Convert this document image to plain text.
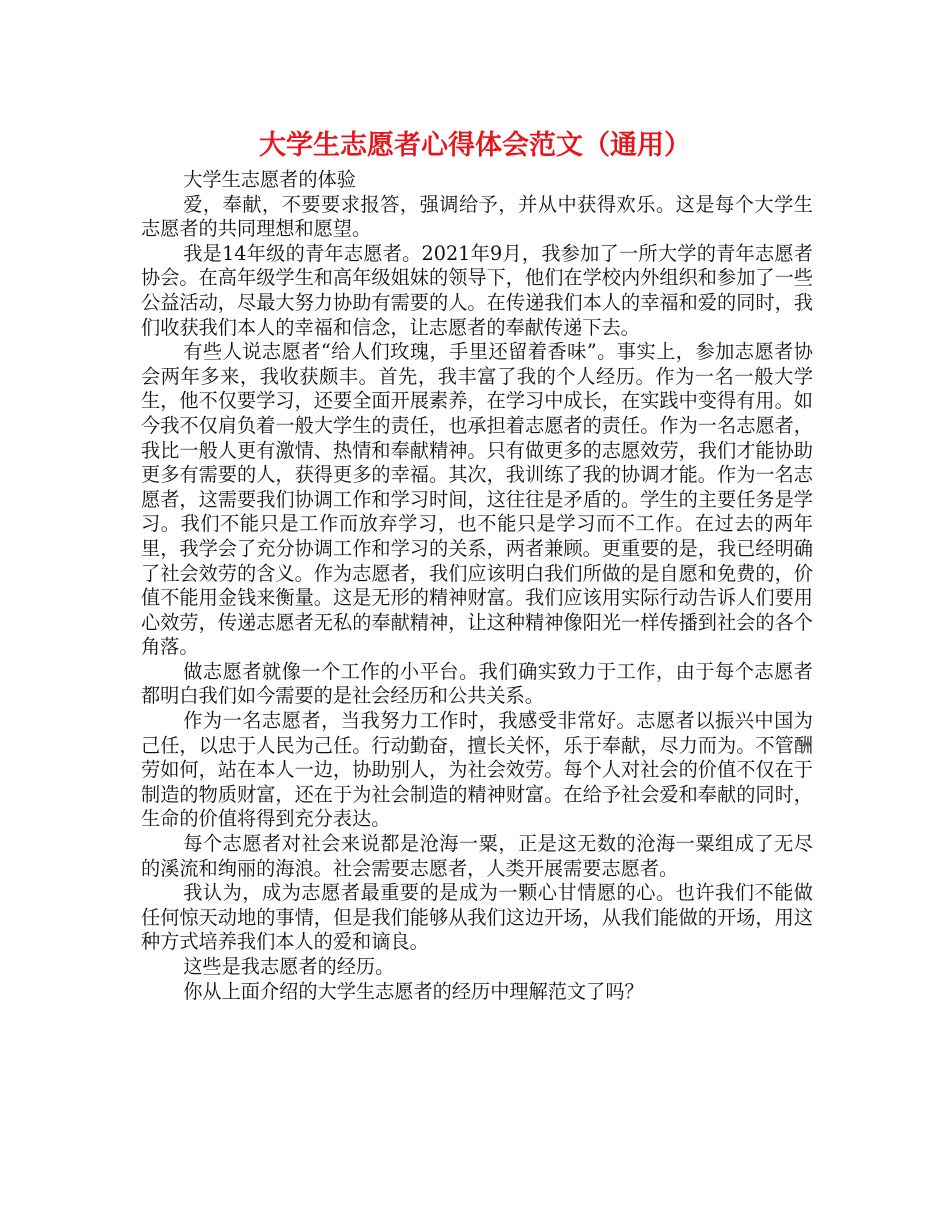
大学生志愿者心得体会范文（通用）

大学生志愿者的体验

爱，奉献，不要要求报答，强调给予，并从中获得欢乐。这是每个大学生志愿者的共同理想和愿望。

我是14年级的青年志愿者。2021年9月，我参加了一所大学的青年志愿者协会。在高年级学生和高年级姐妹的领导下，他们在学校内外组织和参加了一些公益活动，尽最大努力协助有需要的人。在传递我们本人的幸福和爱的同时，我们收获我们本人的幸福和信念，让志愿者的奉献传递下去。

有些人说志愿者“给人们玫瑰，手里还留着香味”。事实上，参加志愿者协会两年多来，我收获颇丰。首先，我丰富了我的个人经历。作为一名一般大学生，他不仅要学习，还要全面开展素养，在学习中成长，在实践中变得有用。如今我不仅肩负着一般大学生的责任，也承担着志愿者的责任。作为一名志愿者，我比一般人更有激情、热情和奉献精神。只有做更多的志愿效劳，我们才能协助更多有需要的人，获得更多的幸福。其次，我训练了我的协调才能。作为一名志愿者，这需要我们协调工作和学习时间，这往往是矛盾的。学生的主要任务是学习。我们不能只是工作而放弃学习，也不能只是学习而不工作。在过去的两年里，我学会了充分协调工作和学习的关系，两者兼顾。更重要的是，我已经明确了社会效劳的含义。作为志愿者，我们应该明白我们所做的是自愿和免费的，价值不能用金钱来衡量。这是无形的精神财富。我们应该用实际行动告诉人们要用心效劳，传递志愿者无私的奉献精神，让这种精神像阳光一样传播到社会的各个角落。

做志愿者就像一个工作的小平台。我们确实致力于工作，由于每个志愿者都明白我们如今需要的是社会经历和公共关系。

作为一名志愿者，当我努力工作时，我感受非常好。志愿者以振兴中国为己任，以忠于人民为己任。行动勤奋，擅长关怀，乐于奉献，尽力而为。不管酬劳如何，站在本人一边，协助别人，为社会效劳。每个人对社会的价值不仅在于制造的物质财富，还在于为社会制造的精神财富。在给予社会爱和奉献的同时，生命的价值将得到充分表达。

每个志愿者对社会来说都是沧海一粟，正是这无数的沧海一粟组成了无尽的溪流和绚丽的海浪。社会需要志愿者，人类开展需要志愿者。

我认为，成为志愿者最重要的是成为一颗心甘情愿的心。也许我们不能做任何惊天动地的事情，但是我们能够从我们这边开场，从我们能做的开场，用这种方式培养我们本人的爱和谪良。

这些是我志愿者的经历。

你从上面介绍的大学生志愿者的经历中理解范文了吗？
